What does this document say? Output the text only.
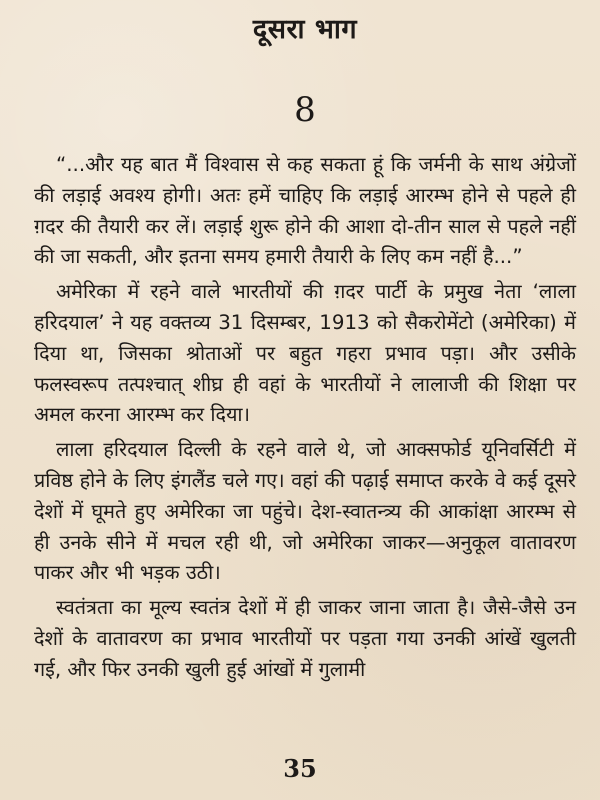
दूसरा भाग
8

“...और यह बात मैं विश्वास से कह सकता हूं कि जर्मनी के साथ अंग्रेजों की लड़ाई अवश्य होगी। अतः हमें चाहिए कि लड़ाई आरम्भ होने से पहले ही ग़दर की तैयारी कर लें। लड़ाई शुरू होने की आशा दो-तीन साल से पहले नहीं की जा सकती, और इतना समय हमारी तैयारी के लिए कम नहीं है...”

अमेरिका में रहने वाले भारतीयों की ग़दर पार्टी के प्रमुख नेता ‘लाला हरिदयाल’ ने यह वक्तव्य 31 दिसम्बर, 1913 को सैकरोमेंटो (अमेरिका) में दिया था, जिसका श्रोताओं पर बहुत गहरा प्रभाव पड़ा। और उसीके फलस्वरूप तत्पश्चात् शीघ्र ही वहां के भारतीयों ने लालाजी की शिक्षा पर अमल करना आरम्भ कर दिया।

लाला हरिदयाल दिल्ली के रहने वाले थे, जो आक्सफोर्ड यूनिवर्सिटी में प्रविष्ठ होने के लिए इंगलैंड चले गए। वहां की पढ़ाई समाप्त करके वे कई दूसरे देशों में घूमते हुए अमेरिका जा पहुंचे। देश-स्वातन्त्र्य की आकांक्षा आरम्भ से ही उनके सीने में मचल रही थी, जो अमेरिका जाकर—अनुकूल वातावरण पाकर और भी भड़क उठी।

स्वतंत्रता का मूल्य स्वतंत्र देशों में ही जाकर जाना जाता है। जैसे-जैसे उन देशों के वातावरण का प्रभाव भारतीयों पर पड़ता गया उनकी आंखें खुलती गई, और फिर उनकी खुली हुई आंखों में गुलामी

35
